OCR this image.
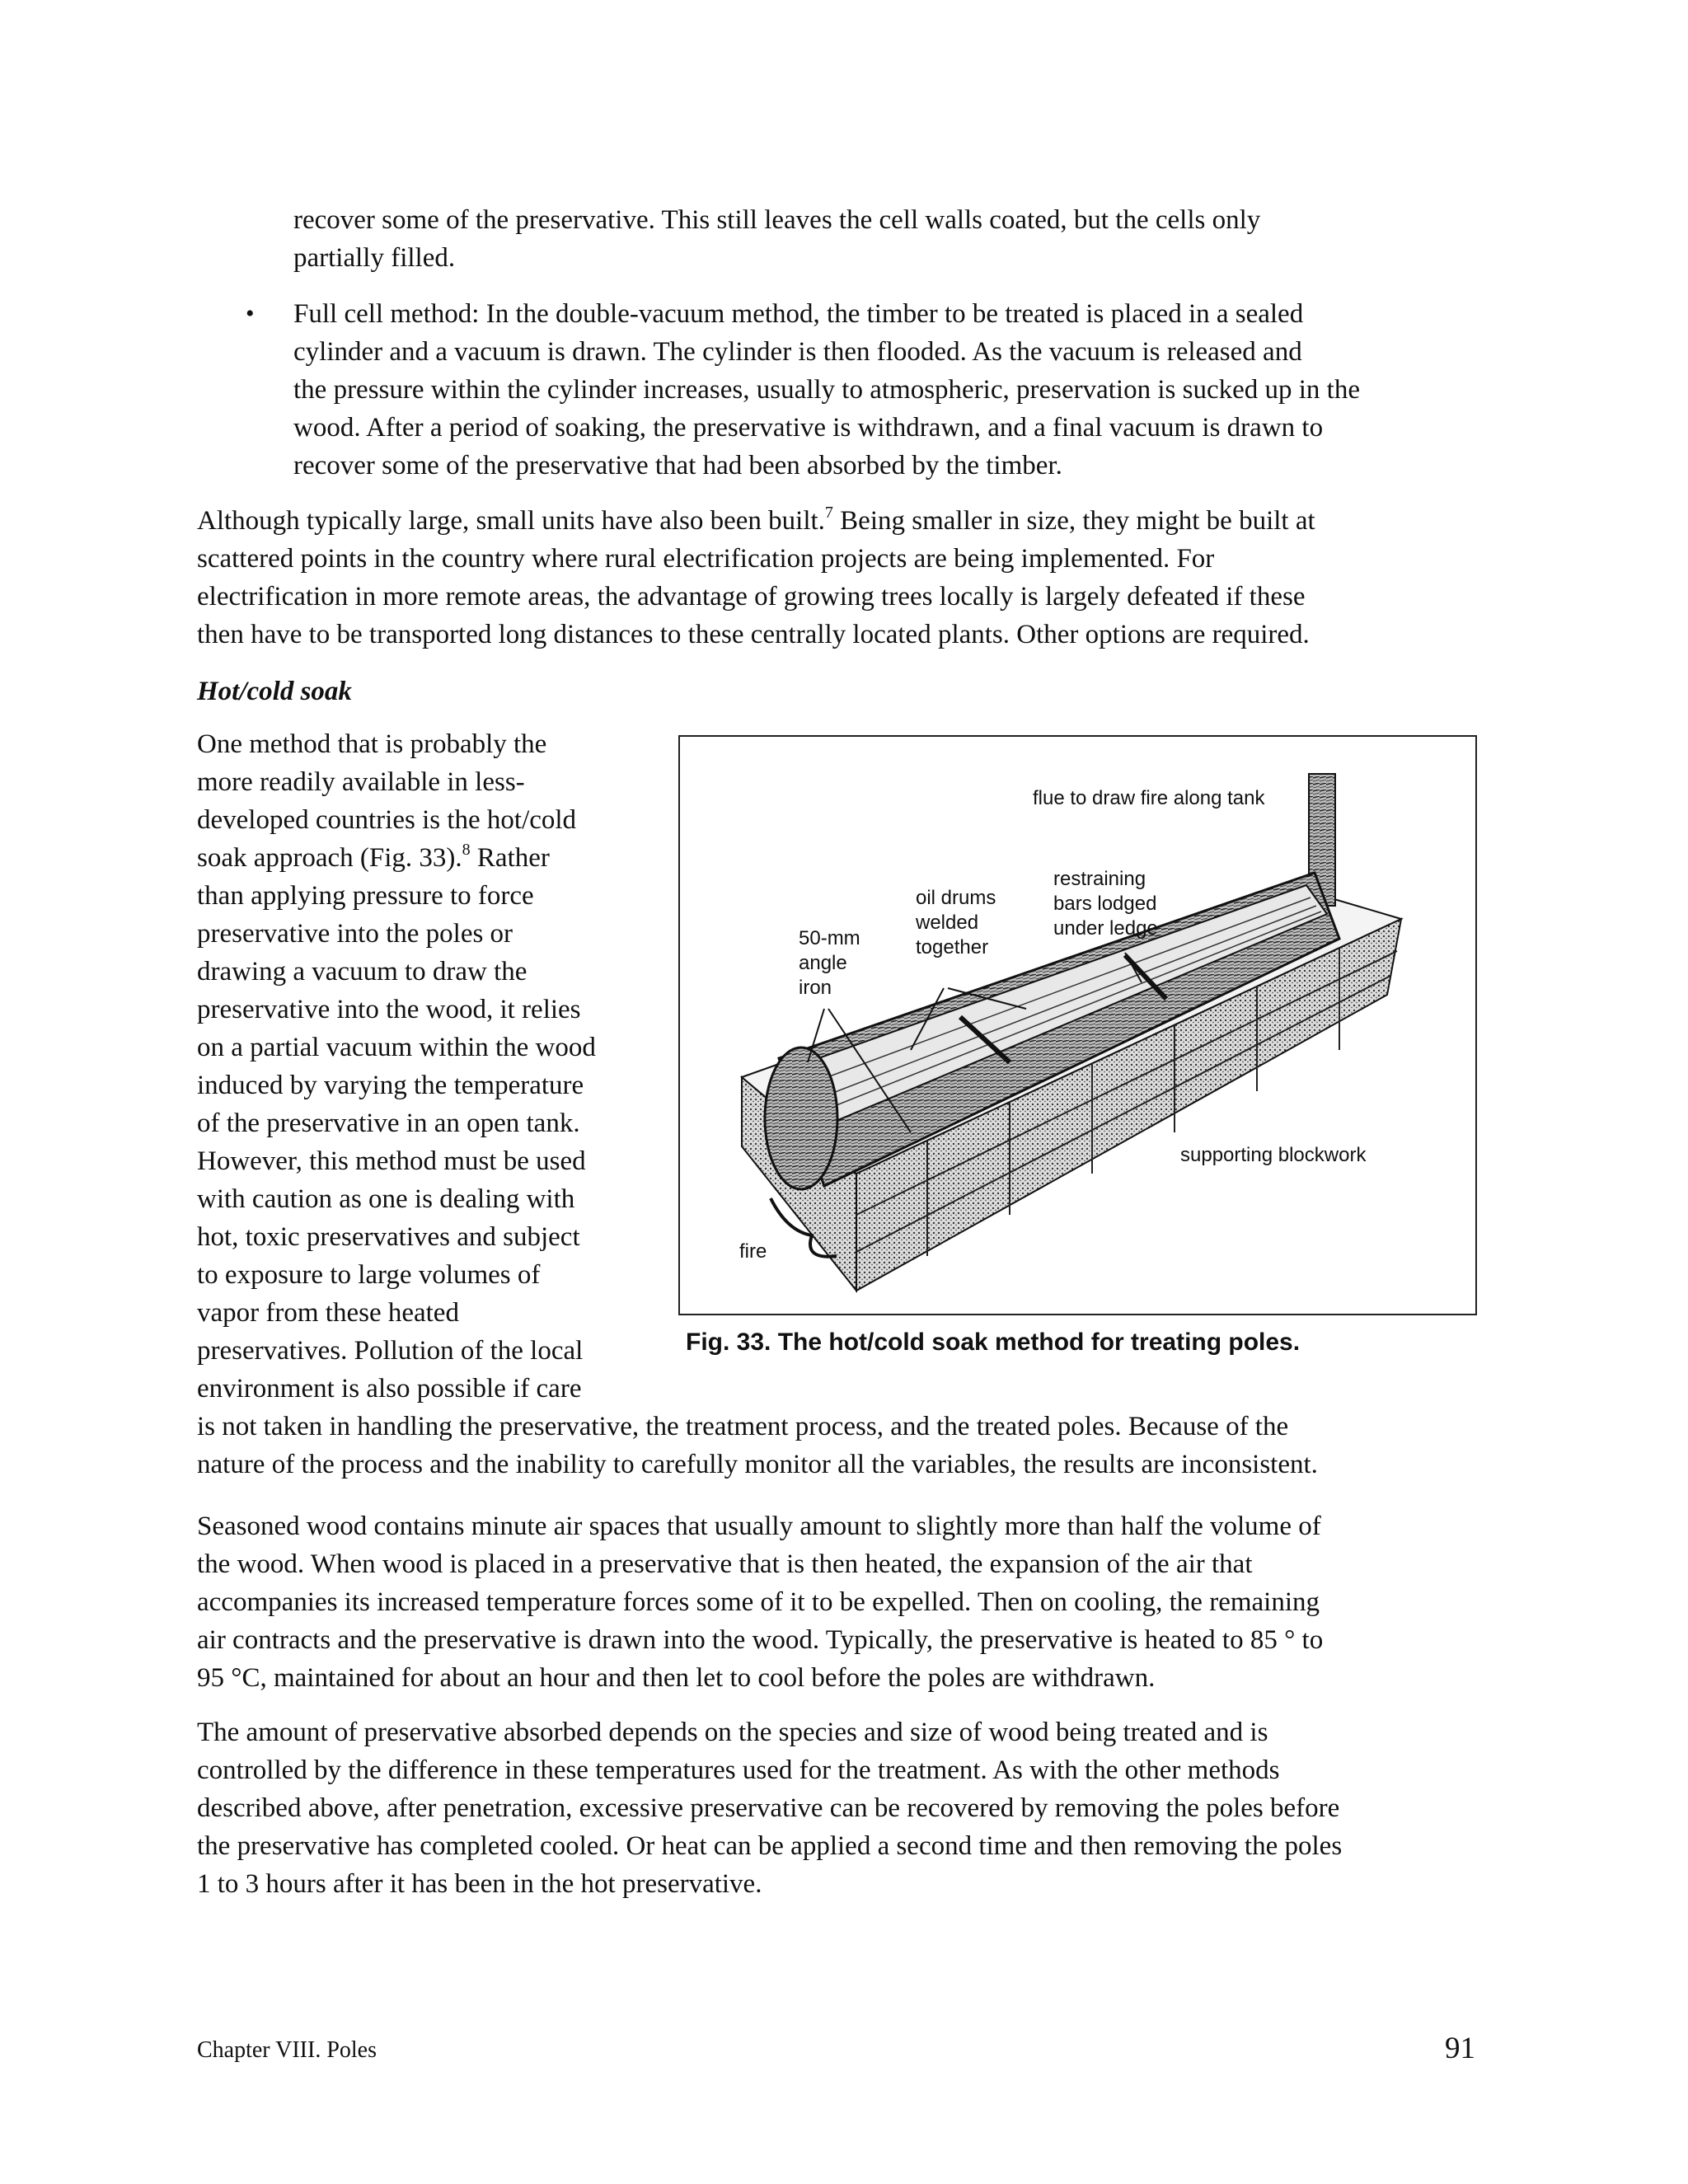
recover some of the preservative. This still leaves the cell walls coated, but the cells only
partially filled.
• Full cell method: In the double-vacuum method, the timber to be treated is placed in a sealed
cylinder and a vacuum is drawn. The cylinder is then flooded. As the vacuum is released and
the pressure within the cylinder increases, usually to atmospheric, preservation is sucked up in the
wood. After a period of soaking, the preservative is withdrawn, and a final vacuum is drawn to
recover some of the preservative that had been absorbed by the timber.
Although typically large, small units have also been built.$^7$ Being smaller in size, they might be built at
scattered points in the country where rural electrification projects are being implemented. For
electrification in more remote areas, the advantage of growing trees locally is largely defeated if these
then have to be transported long distances to these centrally located plants. Other options are required.
Hot/cold soak
One method that is probably the
more readily available in less-
developed countries is the hot/cold
soak approach (Fig. 33).$^8$ Rather
than applying pressure to force
preservative into the poles or
drawing a vacuum to draw the
preservative into the wood, it relies
on a partial vacuum within the wood
induced by varying the temperature
of the preservative in an open tank.
However, this method must be used
with caution as one is dealing with
hot, toxic preservatives and subject
to exposure to large volumes of
vapor from these heated
preservatives. Pollution of the local
environment is also possible if care
is not taken in handling the preservative, the treatment process, and the treated poles. Because of the
nature of the process and the inability to carefully monitor all the variables, the results are inconsistent.
flue to draw fire along tank
restraining
bars lodged
under ledge
oil drums
welded
together
50-mm
angle
iron
supporting blockwork
fire
Fig. 33. The hot/cold soak method for treating poles.
Seasoned wood contains minute air spaces that usually amount to slightly more than half the volume of
the wood. When wood is placed in a preservative that is then heated, the expansion of the air that
accompanies its increased temperature forces some of it to be expelled. Then on cooling, the remaining
air contracts and the preservative is drawn into the wood. Typically, the preservative is heated to 85 ° to
95 °C, maintained for about an hour and then let to cool before the poles are withdrawn.
The amount of preservative absorbed depends on the species and size of wood being treated and is
controlled by the difference in these temperatures used for the treatment. As with the other methods
described above, after penetration, excessive preservative can be recovered by removing the poles before
the preservative has completed cooled. Or heat can be applied a second time and then removing the poles
1 to 3 hours after it has been in the hot preservative.
Chapter VIII. Poles	91
